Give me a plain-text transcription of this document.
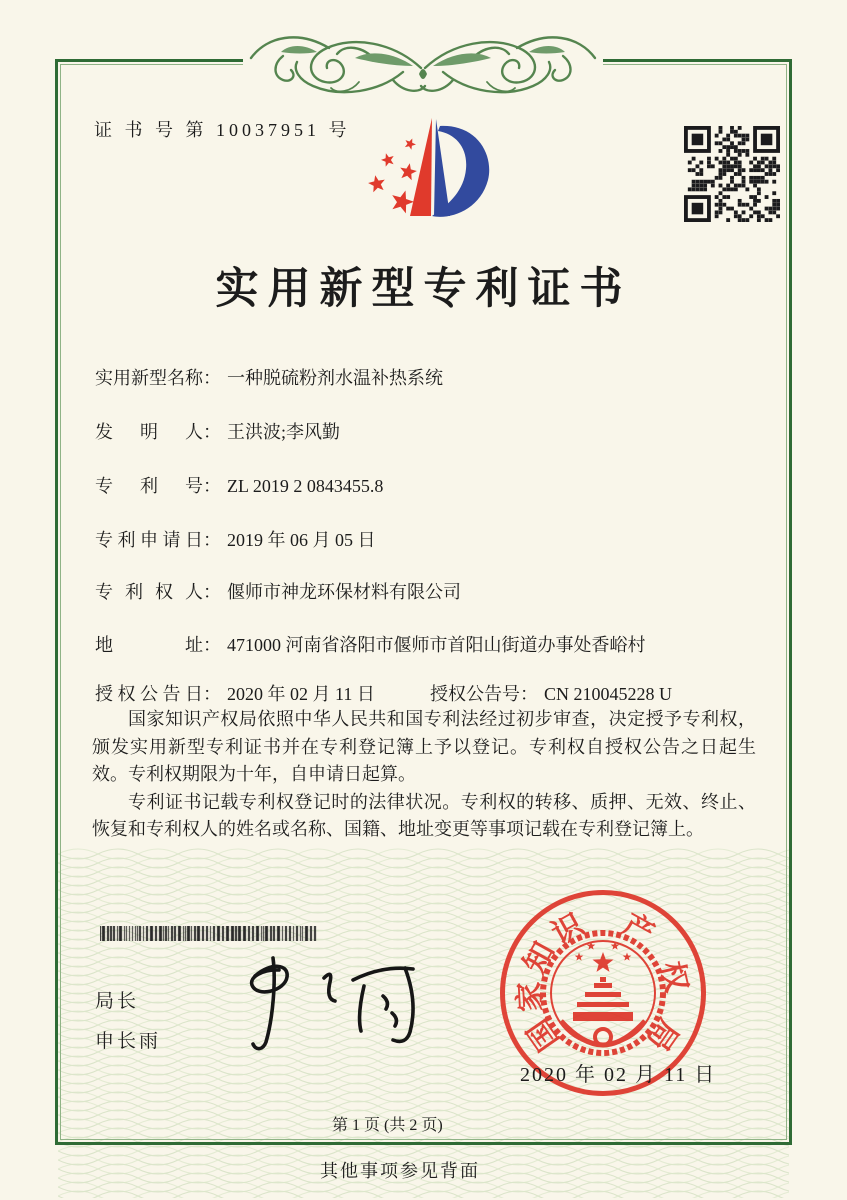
证 书 号 第 10037951 号
实用新型专利证书
实用新型名称： 一种脱硫粉剂水温补热系统
发明人： 王洪波;李风勤
专利号： ZL 2019 2 0843455.8
专利申请日： 2019 年 06 月 05 日
专利权人： 偃师市神龙环保材料有限公司
地址： 471000 河南省洛阳市偃师市首阳山街道办事处香峪村
授权公告日： 2020 年 02 月 11 日	授权公告号： CN 210045228 U

国家知识产权局依照中华人民共和国专利法经过初步审查，决定授予专利权，颁发实用新型专利证书并在专利登记簿上予以登记。专利权自授权公告之日起生效。专利权期限为十年，自申请日起算。

专利证书记载专利权登记时的法律状况。专利权的转移、质押、无效、终止、恢复和专利权人的姓名或名称、国籍、地址变更等事项记载在专利登记簿上。

局长
申长雨	国
家
知
识 产
权
局
2020 年 02 月 11 日
第 1 页 (共 2 页)
其他事项参见背面
